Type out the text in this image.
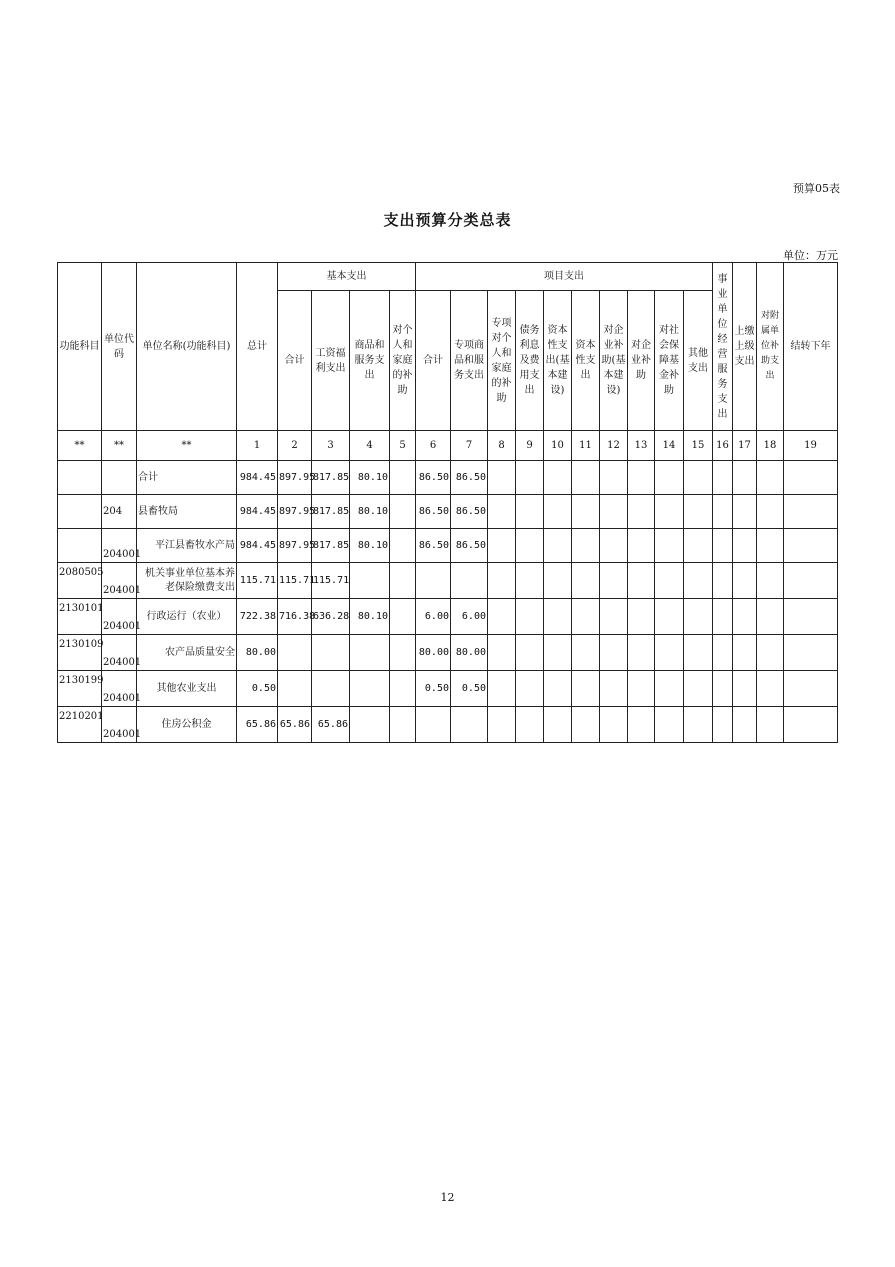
预算05表
支出预算分类总表
单位：万元
功能科目	单位代码	单位名称(功能科目)	总计	基本支出				项目支出										事业单位经营服务支出	上缴上级支出	对附属单位补助支出	结转下年
				合计	工资福利支出	商品和服务支出	对个人和家庭的补助	合计	专项商品和服务支出	专项对个人和家庭的补助	债务利息及费用支出	资本性支出(基本建设)	资本性支出	对企业补助(基本建设)	对企业补助	对社会保障基金补助	其他支出				
**	**	**	1	2	3	4	5	6	7	8	9	10	11	12	13	14	15	16	17	18	19
		合计	984.45	897.95	817.85	80.10		86.50	86.50												
	204	县畜牧局	984.45	897.95	817.85	80.10		86.50	86.50												
	204001	平江县畜牧水产局	984.45	897.95	817.85	80.10		86.50	86.50												
2080505	204001	机关事业单位基本养老保险缴费支出	115.71	115.71	115.71																
2130101	204001	行政运行（农业）	722.38	716.38	636.28	80.10		6.00	6.00												
2130109	204001	农产品质量安全	80.00					80.00	80.00												
2130199	204001	其他农业支出	0.50					0.50	0.50												
2210201	204001	住房公积金	65.86	65.86	65.86																
12
